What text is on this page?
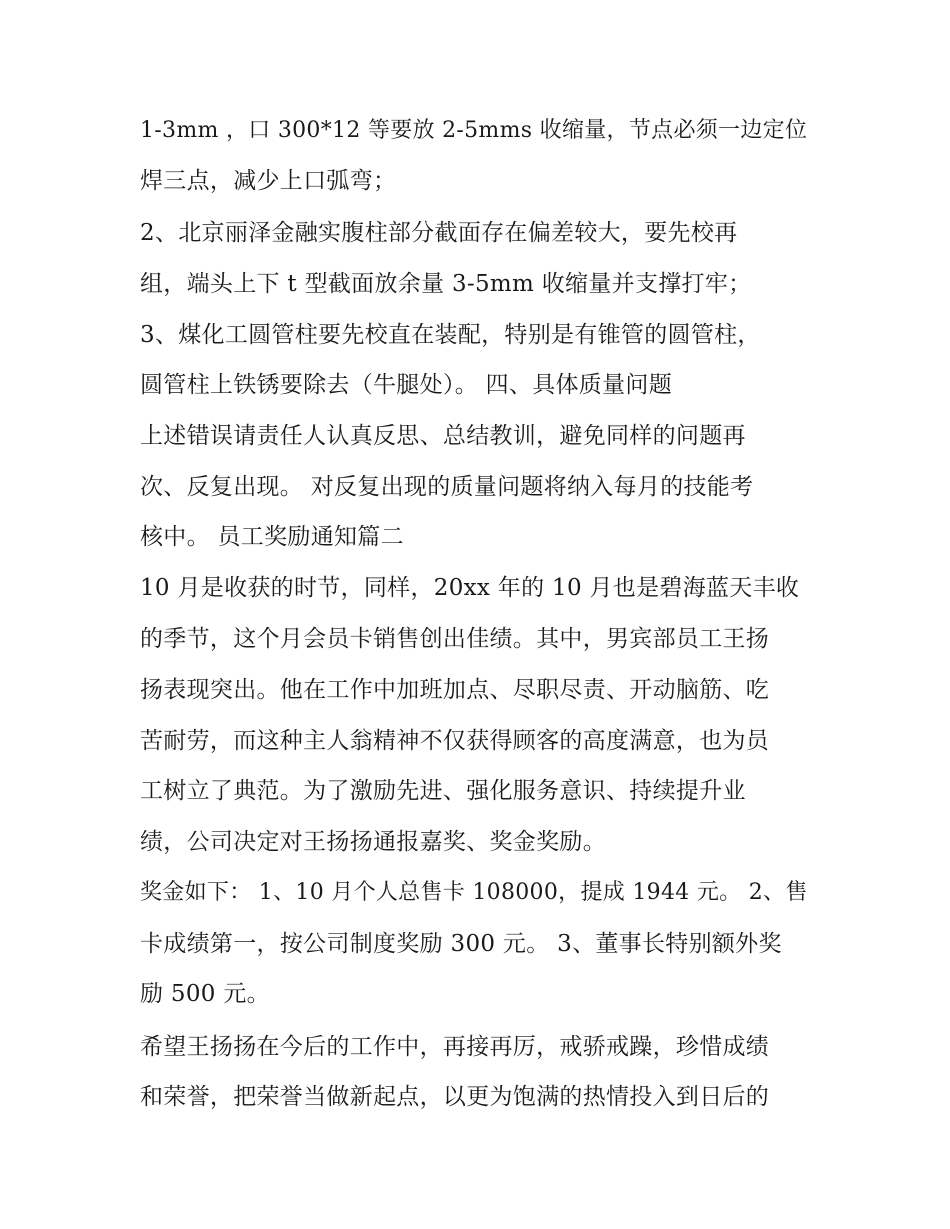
1-3mm ，口 300*12 等要放 2-5mms 收缩量，节点必须一边定位

焊三点，减少上口弧弯；

2、北京丽泽金融实腹柱部分截面存在偏差较大，要先校再

组，端头上下 t 型截面放余量 3-5mm 收缩量并支撑打牢；

3、煤化工圆管柱要先校直在装配，特别是有锥管的圆管柱，

圆管柱上铁锈要除去（牛腿处）。 四、具体质量问题

上述错误请责任人认真反思、总结教训，避免同样的问题再

次、反复出现。 对反复出现的质量问题将纳入每月的技能考

核中。 员工奖励通知篇二

10 月是收获的时节，同样，20xx 年的 10 月也是碧海蓝天丰收

的季节，这个月会员卡销售创出佳绩。其中，男宾部员工王扬

扬表现突出。他在工作中加班加点、尽职尽责、开动脑筋、吃

苦耐劳，而这种主人翁精神不仅获得顾客的高度满意，也为员

工树立了典范。为了激励先进、强化服务意识、持续提升业

绩，公司决定对王扬扬通报嘉奖、奖金奖励。

奖金如下： 1、10 月个人总售卡 108000，提成 1944 元。 2、售

卡成绩第一，按公司制度奖励 300 元。 3、董事长特别额外奖

励 500 元。

希望王扬扬在今后的工作中，再接再厉，戒骄戒躁，珍惜成绩

和荣誉，把荣誉当做新起点，以更为饱满的热情投入到日后的
